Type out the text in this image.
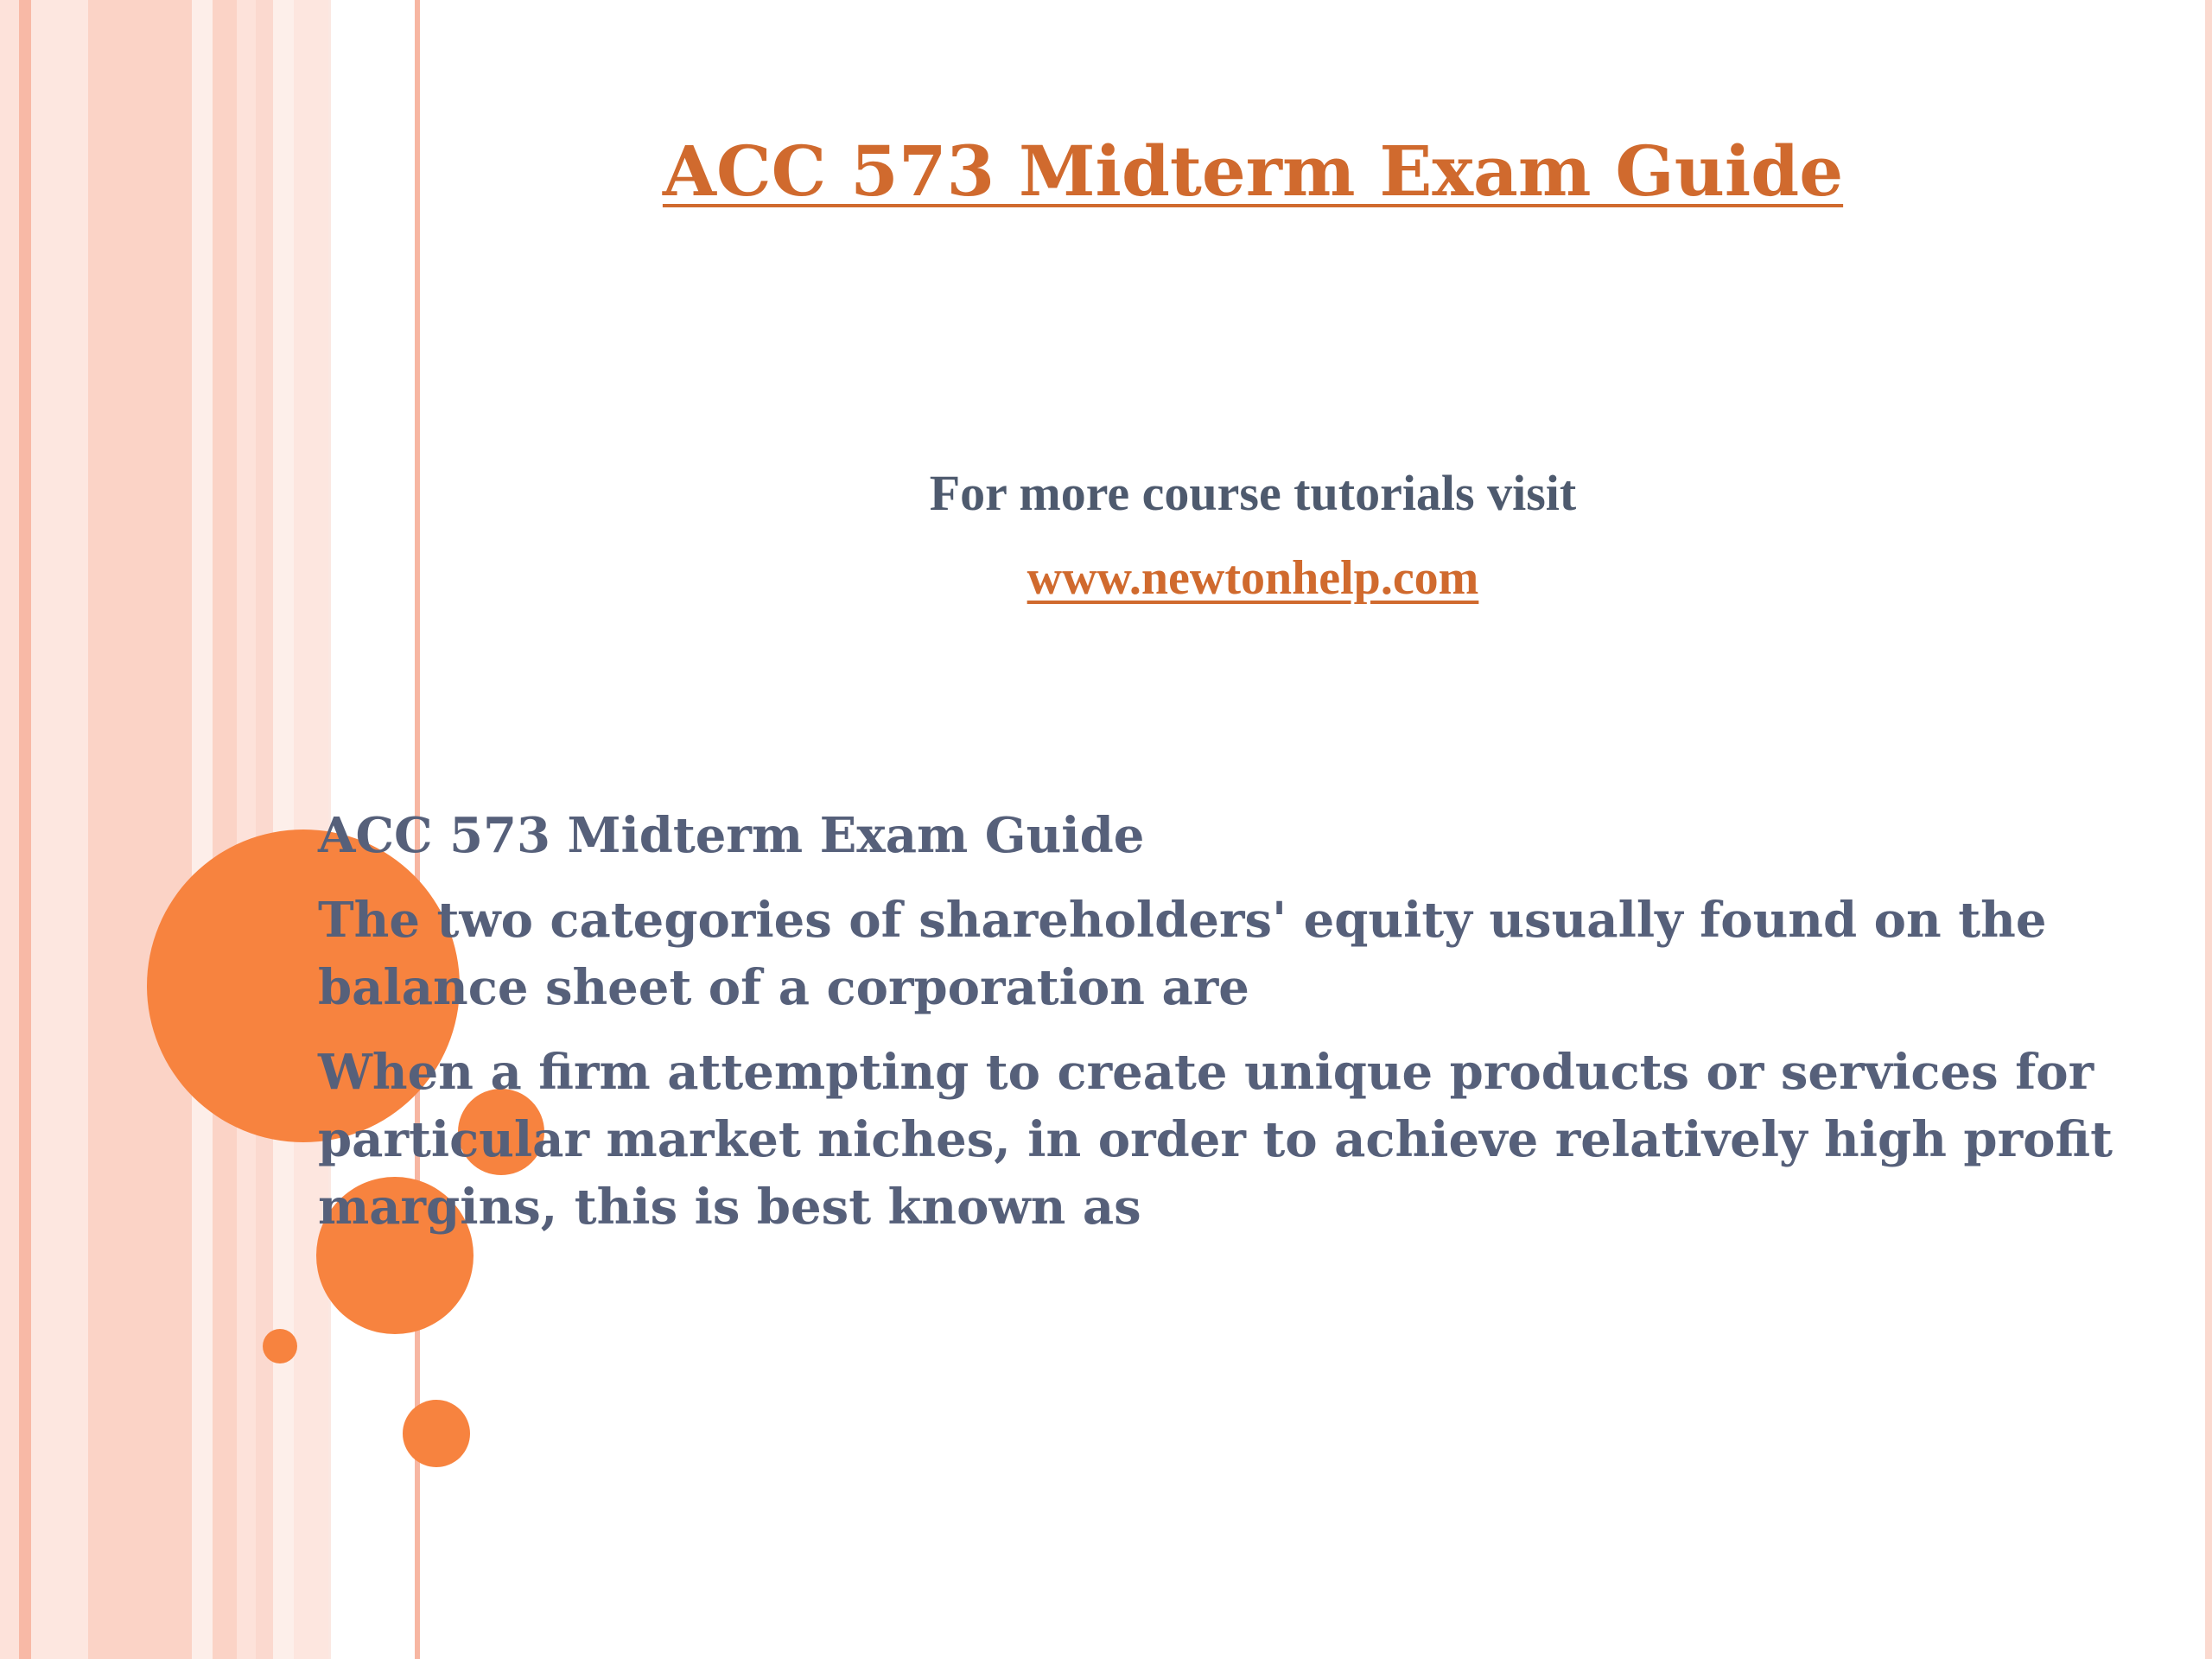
ACC 573 Midterm Exam Guide

For more course tutorials visit

www.newtonhelp.com

ACC 573 Midterm Exam Guide

The two categories of shareholders' equity usually found on the balance sheet of a corporation are

When a firm attempting to create unique products or services for particular market niches, in order to achieve relatively high profit margins, this is best known as
